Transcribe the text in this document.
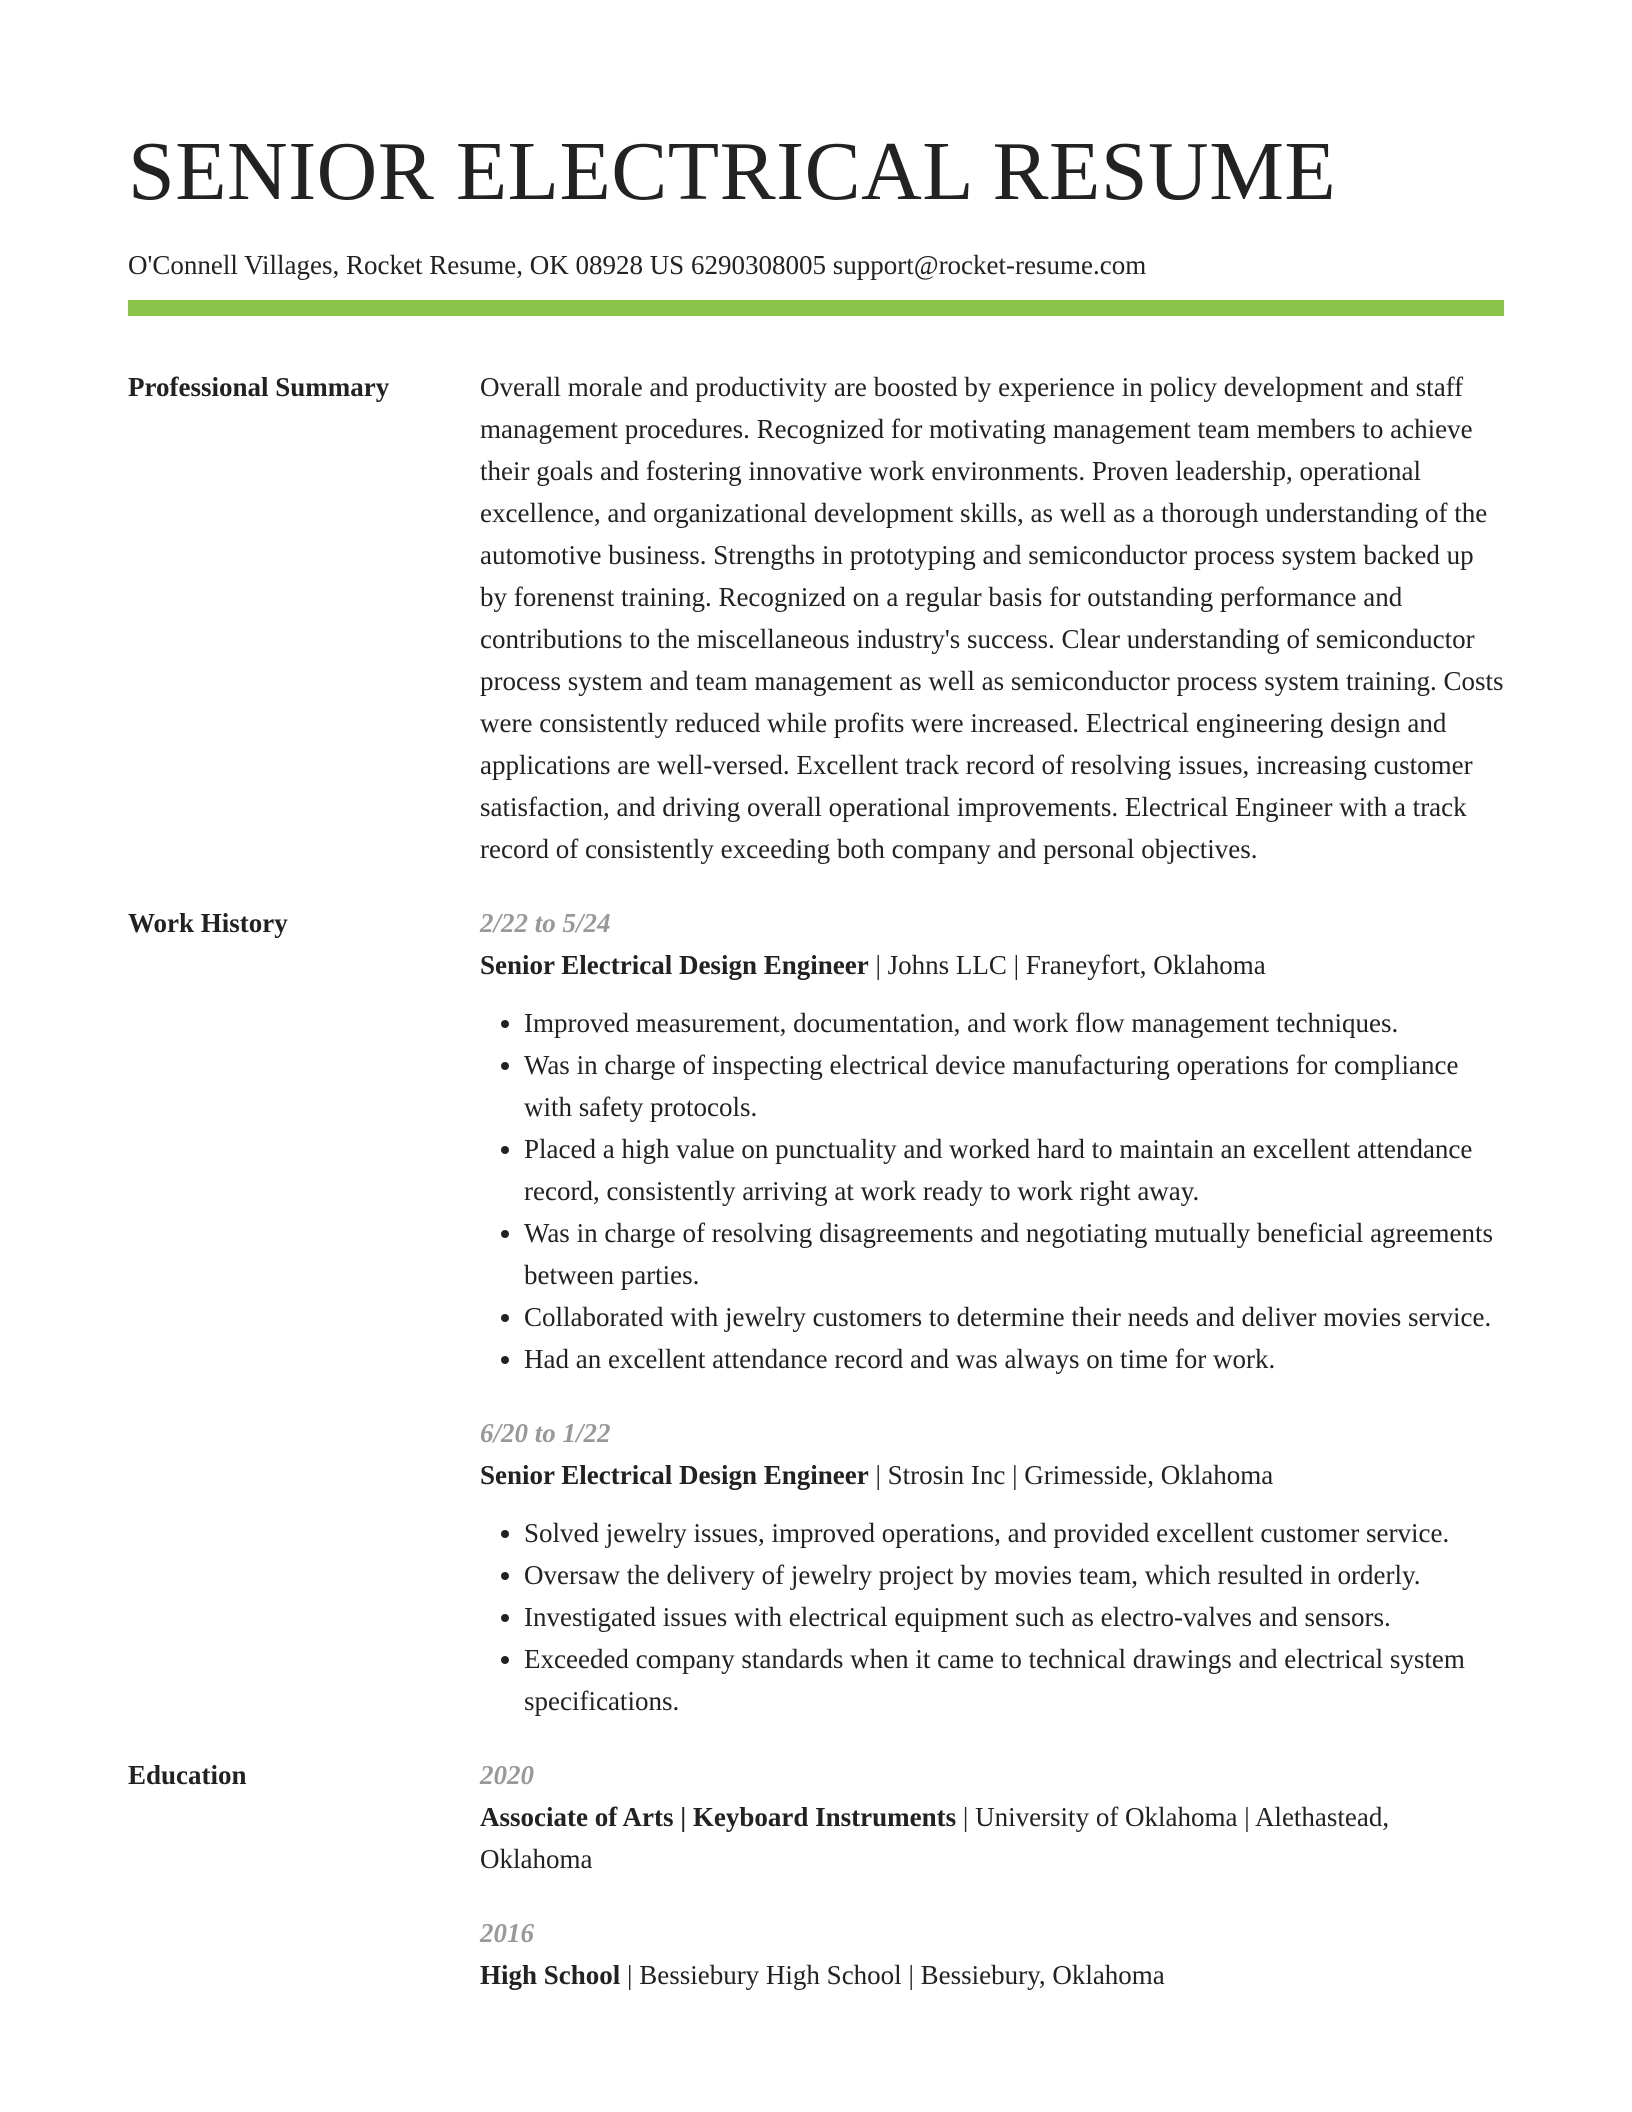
SENIOR ELECTRICAL RESUME
O'Connell Villages, Rocket Resume, OK 08928 US 6290308005 support@rocket-resume.com
Professional Summary	Overall morale and productivity are boosted by experience in policy development and staff management procedures. Recognized for motivating management team members to achieve their goals and fostering innovative work environments. Proven leadership, operational excellence, and organizational development skills, as well as a thorough understanding of the automotive business. Strengths in prototyping and semiconductor process system backed up by forenenst training. Recognized on a regular basis for outstanding performance and contributions to the miscellaneous industry's success. Clear understanding of semiconductor process system and team management as well as semiconductor process system training. Costs were consistently reduced while profits were increased. Electrical engineering design and applications are well-versed. Excellent track record of resolving issues, increasing customer satisfaction, and driving overall operational improvements. Electrical Engineer with a track record of consistently exceeding both company and personal objectives.

Work History	2/22 to 5/24
Senior Electrical Design Engineer | Johns LLC | Franeyfort, Oklahoma
• Improved measurement, documentation, and work flow management techniques.
• Was in charge of inspecting electrical device manufacturing operations for compliance with safety protocols.
• Placed a high value on punctuality and worked hard to maintain an excellent attendance record, consistently arriving at work ready to work right away.
• Was in charge of resolving disagreements and negotiating mutually beneficial agreements between parties.
• Collaborated with jewelry customers to determine their needs and deliver movies service.
• Had an excellent attendance record and was always on time for work.
6/20 to 1/22
Senior Electrical Design Engineer | Strosin Inc | Grimesside, Oklahoma
• Solved jewelry issues, improved operations, and provided excellent customer service.
• Oversaw the delivery of jewelry project by movies team, which resulted in orderly.
• Investigated issues with electrical equipment such as electro-valves and sensors.
• Exceeded company standards when it came to technical drawings and electrical system specifications.
Education	2020
Associate of Arts | Keyboard Instruments | University of Oklahoma | Alethastead, Oklahoma
2016
High School | Bessiebury High School | Bessiebury, Oklahoma
